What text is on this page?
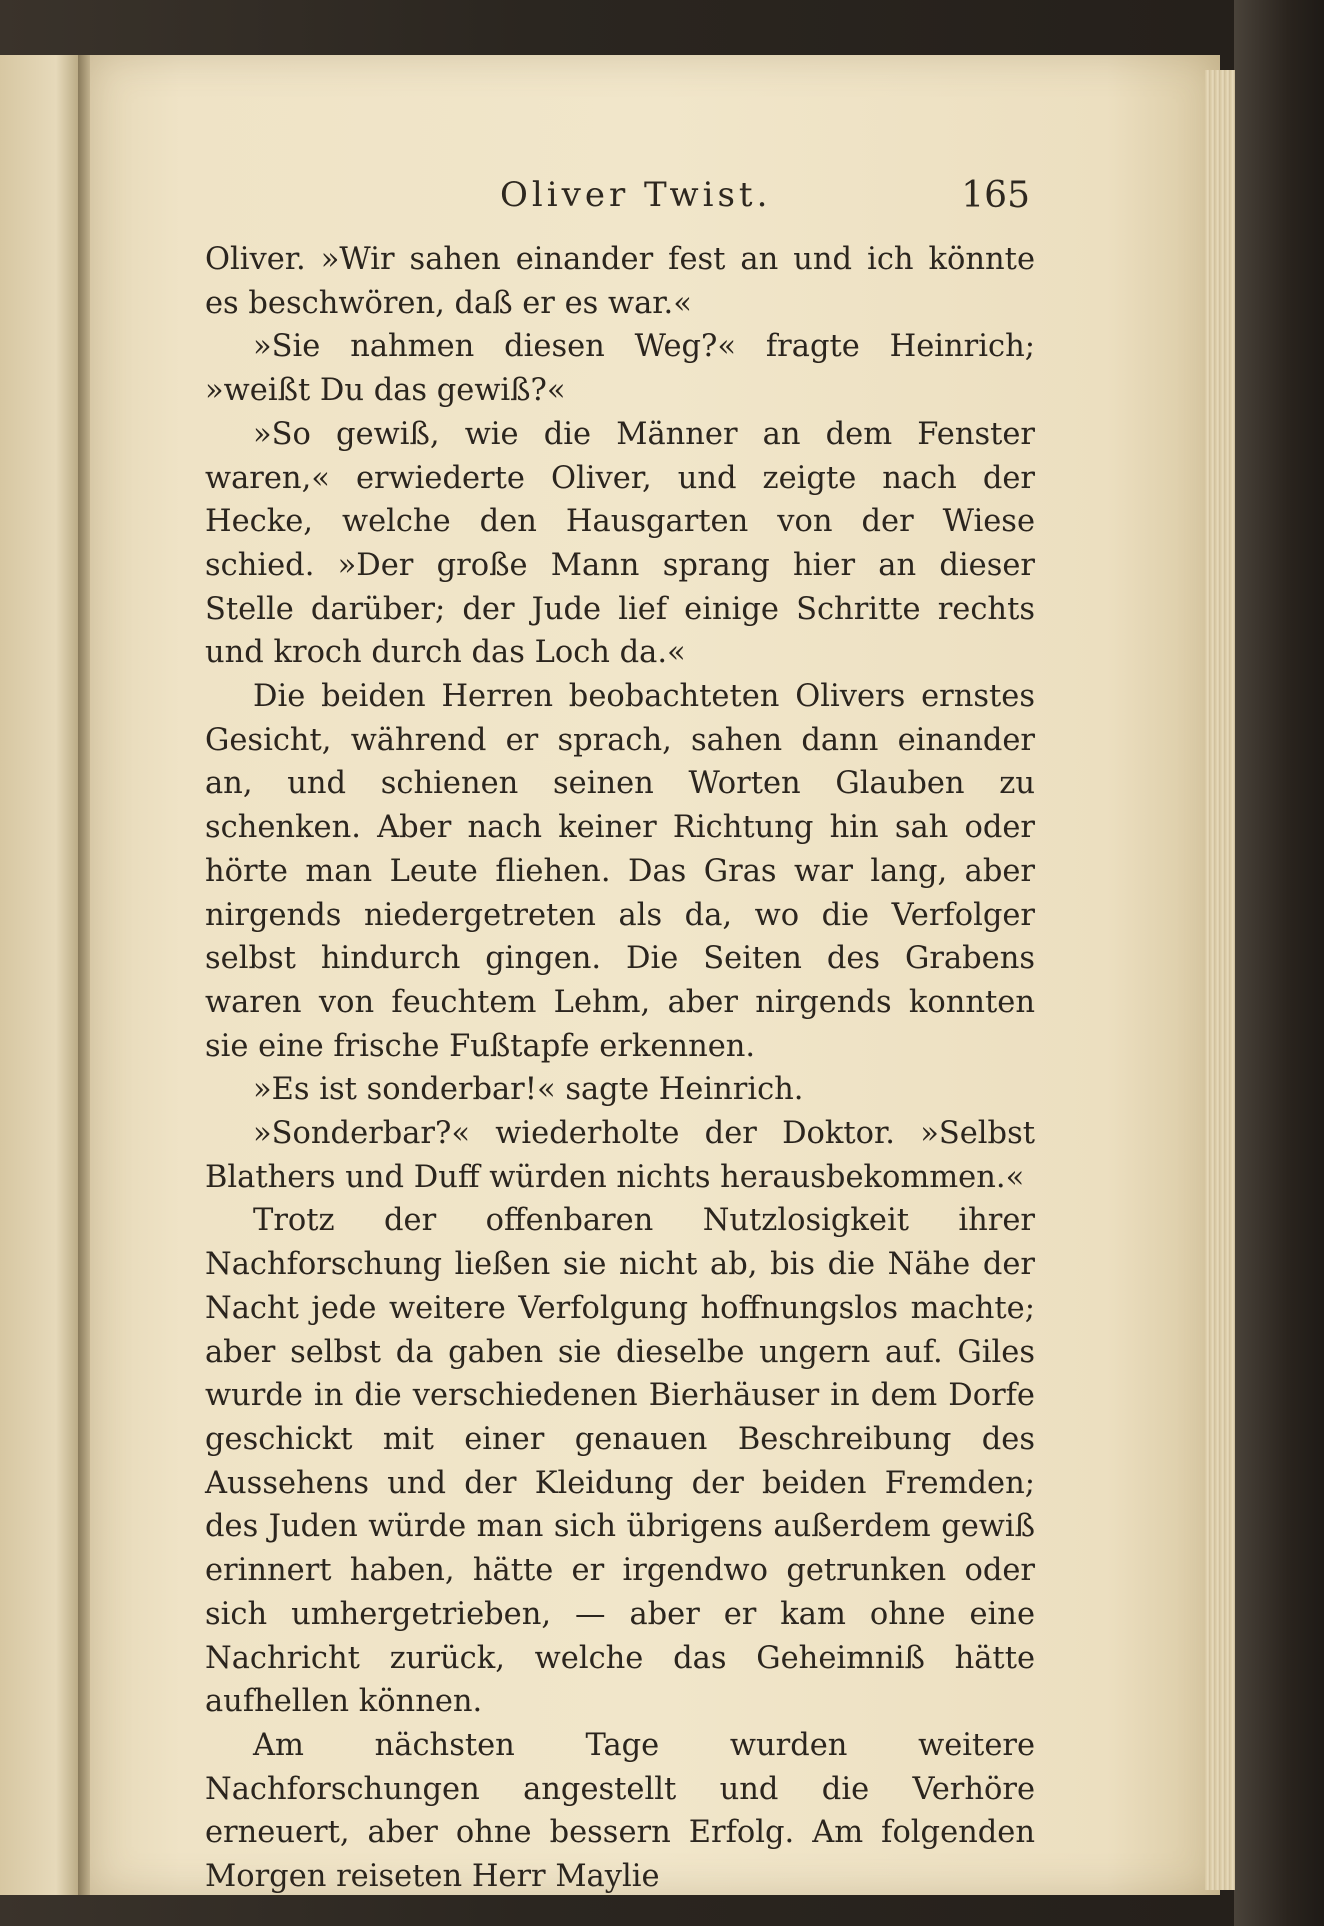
Oliver Twist.	165

Oliver. »Wir sahen einander fest an und ich könnte es beschwören, daß er es war.«

»Sie nahmen diesen Weg?« fragte Heinrich; »weißt Du das gewiß?«

»So gewiß, wie die Männer an dem Fenster waren,« erwiederte Oliver, und zeigte nach der Hecke, welche den Hausgarten von der Wiese schied. »Der große Mann sprang hier an dieser Stelle darüber; der Jude lief einige Schritte rechts und kroch durch das Loch da.«

Die beiden Herren beobachteten Olivers ernstes Gesicht, während er sprach, sahen dann einander an, und schienen seinen Worten Glauben zu schenken. Aber nach keiner Richtung hin sah oder hörte man Leute fliehen. Das Gras war lang, aber nirgends niedergetreten als da, wo die Verfolger selbst hindurch gingen. Die Seiten des Grabens waren von feuchtem Lehm, aber nirgends konnten sie eine frische Fußtapfe erkennen.

»Es ist sonderbar!« sagte Heinrich.

»Sonderbar?« wiederholte der Doktor. »Selbst Blathers und Duff würden nichts herausbekommen.«

Trotz der offenbaren Nutzlosigkeit ihrer Nachforschung ließen sie nicht ab, bis die Nähe der Nacht jede weitere Verfolgung hoffnungslos machte; aber selbst da gaben sie dieselbe ungern auf. Giles wurde in die verschiedenen Bierhäuser in dem Dorfe geschickt mit einer genauen Beschreibung des Aussehens und der Kleidung der beiden Fremden; des Juden würde man sich übrigens außerdem gewiß erinnert haben, hätte er irgendwo getrunken oder sich umhergetrieben, — aber er kam ohne eine Nachricht zurück, welche das Geheimniß hätte aufhellen können.

Am nächsten Tage wurden weitere Nachforschungen angestellt und die Verhöre erneuert, aber ohne bessern Erfolg. Am folgenden Morgen reiseten Herr Maylie
